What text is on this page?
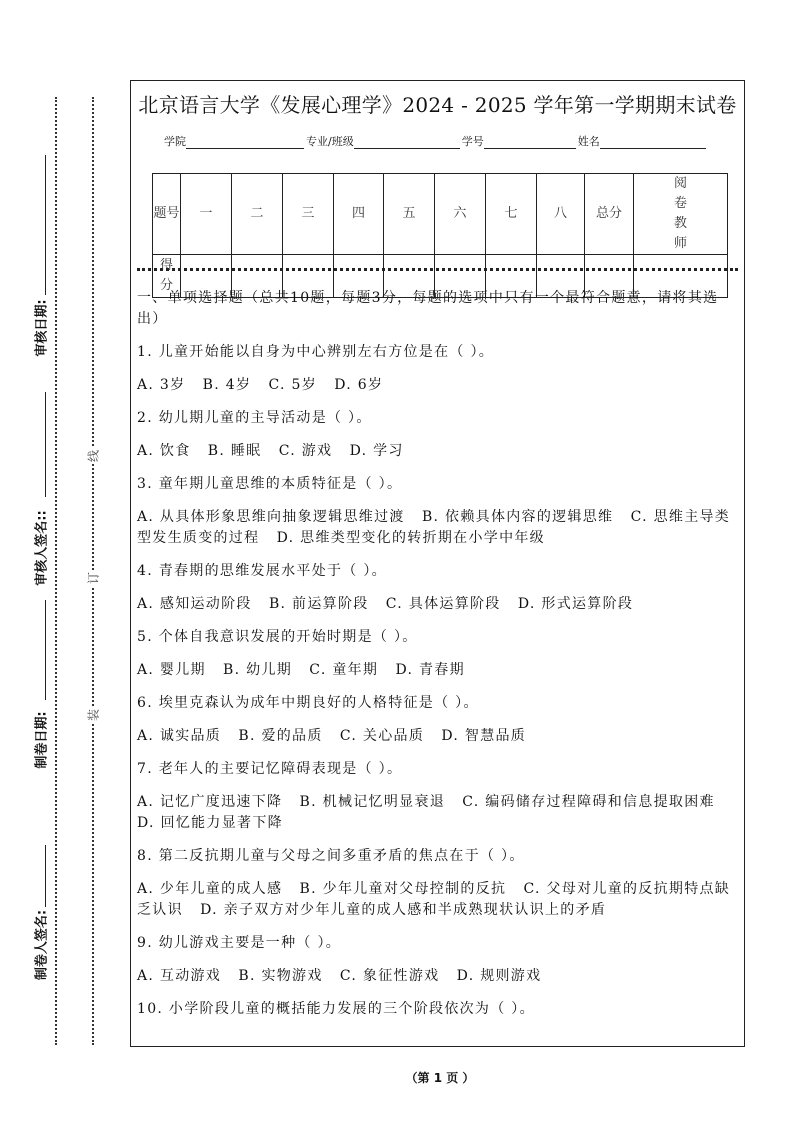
审核日期:
审核人签名::
制卷日期:
制卷人签名:
线
订
装
北京语言大学《发展心理学》2024 - 2025 学年第一学期期末试卷
学院	专业/班级	学号	姓名
题号	一	二	三	四	五	六	七	八	总分	阅卷教师
得分										

一、单项选择题（总共10题，每题3分，每题的选项中只有一个最符合题意，请将其选出）

1. 儿童开始能以自身为中心辨别左右方位是在（ ）。

A. 3岁   B. 4岁   C. 5岁   D. 6岁

2. 幼儿期儿童的主导活动是（ ）。

A. 饮食   B. 睡眠   C. 游戏   D. 学习

3. 童年期儿童思维的本质特征是（ ）。

A. 从具体形象思维向抽象逻辑思维过渡   B. 依赖具体内容的逻辑思维   C. 思维主导类型发生质变的过程   D. 思维类型变化的转折期在小学中年级

4. 青春期的思维发展水平处于（ ）。

A. 感知运动阶段   B. 前运算阶段   C. 具体运算阶段   D. 形式运算阶段

5. 个体自我意识发展的开始时期是（ ）。

A. 婴儿期   B. 幼儿期   C. 童年期   D. 青春期

6. 埃里克森认为成年中期良好的人格特征是（ ）。

A. 诚实品质   B. 爱的品质   C. 关心品质   D. 智慧品质

7. 老年人的主要记忆障碍表现是（ ）。

A. 记忆广度迅速下降   B. 机械记忆明显衰退   C. 编码储存过程障碍和信息提取困难   D. 回忆能力显著下降

8. 第二反抗期儿童与父母之间多重矛盾的焦点在于（ ）。

A. 少年儿童的成人感   B. 少年儿童对父母控制的反抗   C. 父母对儿童的反抗期特点缺乏认识   D. 亲子双方对少年儿童的成人感和半成熟现状认识上的矛盾

9. 幼儿游戏主要是一种（ ）。

A. 互动游戏   B. 实物游戏   C. 象征性游戏   D. 规则游戏

10. 小学阶段儿童的概括能力发展的三个阶段依次为（ ）。

（第 1 页 ）
